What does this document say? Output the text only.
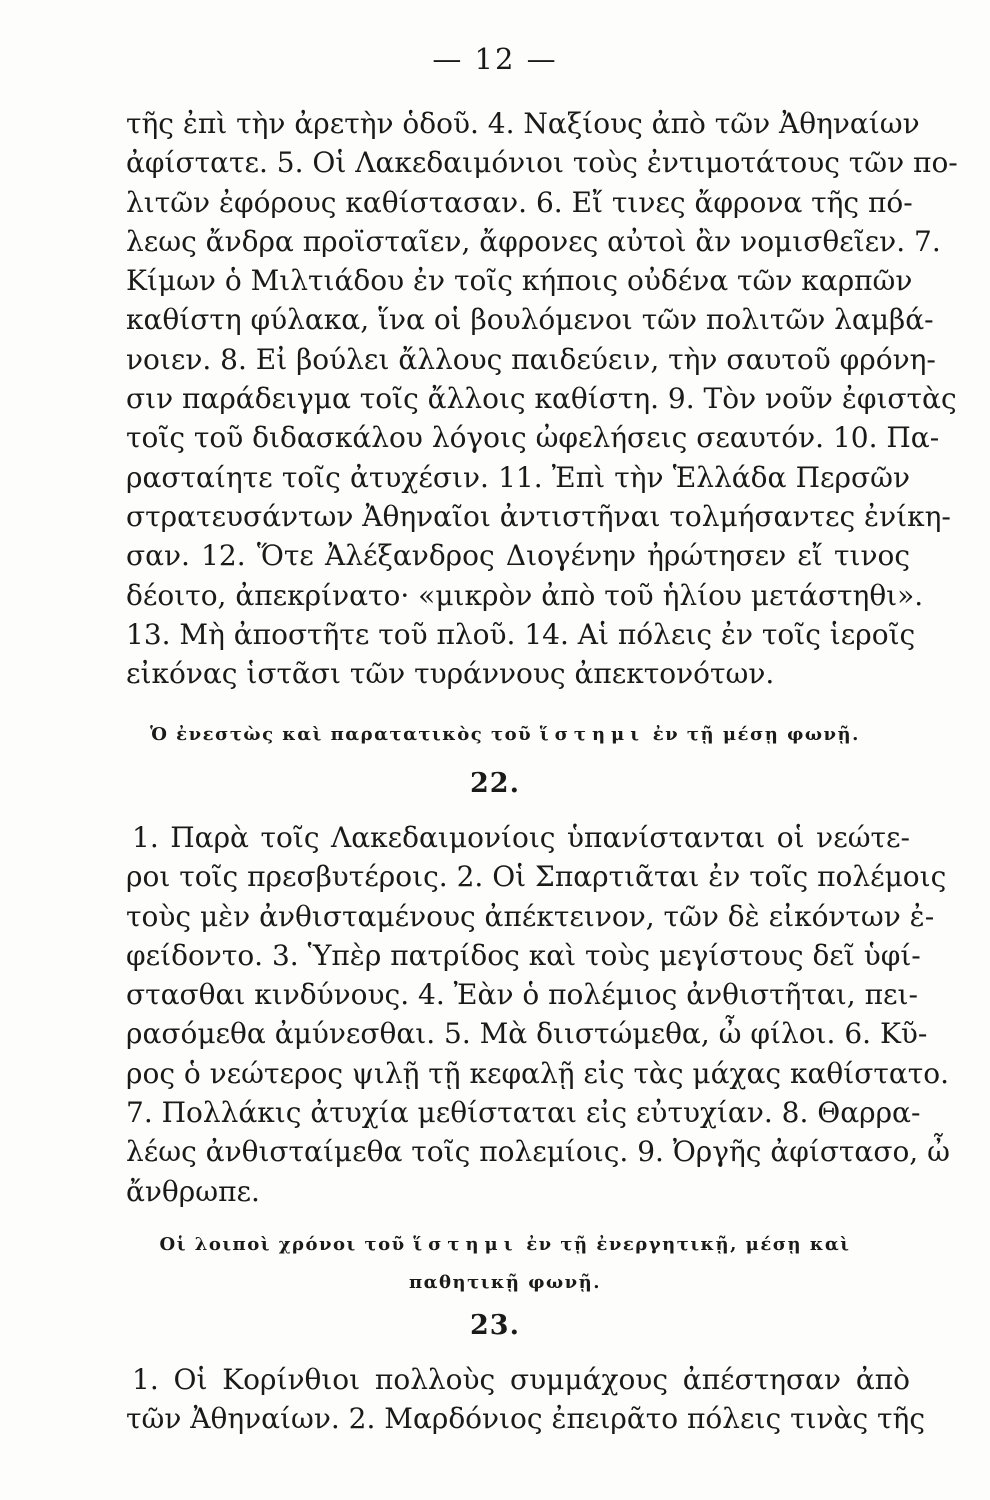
— 12 —
τῆς ἐπὶ τὴν ἀρετὴν ὁδοῦ. 4. Ναξίους ἀπὸ τῶν Ἀθηναίων
ἀφίστατε. 5. Οἱ Λακεδαιμόνιοι τοὺς ἐντιμοτάτους τῶν πο-
λιτῶν ἐφόρους καθίστασαν. 6. Εἴ τινες ἄφρονα τῆς πό-
λεως ἄνδρα προϊσταῖεν, ἄφρονες αὐτοὶ ἂν νομισθεῖεν. 7.
Κίμων ὁ Μιλτιάδου ἐν τοῖς κήποις οὐδένα τῶν καρπῶν
καθίστη φύλακα, ἵνα οἱ βουλόμενοι τῶν πολιτῶν λαμβά-
νοιεν. 8. Εἰ βούλει ἄλλους παιδεύειν, τὴν σαυτοῦ φρόνη-
σιν παράδειγμα τοῖς ἄλλοις καθίστη. 9. Τὸν νοῦν ἐφιστὰς
τοῖς τοῦ διδασκάλου λόγοις ὠφελήσεις σεαυτόν. 10. Πα-
ρασταίητε τοῖς ἀτυχέσιν. 11. Ἐπὶ τὴν Ἑλλάδα Περσῶν
στρατευσάντων Ἀθηναῖοι ἀντιστῆναι τολμήσαντες ἐνίκη-
σαν. 12. Ὅτε Ἀλέξανδρος Διογένην ἠρώτησεν εἴ τινος
δέοιτο, ἀπεκρίνατο· «μικρὸν ἀπὸ τοῦ ἡλίου μετάστηθι».
13. Μὴ ἀποστῆτε τοῦ πλοῦ. 14. Αἱ πόλεις ἐν τοῖς ἱεροῖς
εἰκόνας ἱστᾶσι τῶν τυράννους ἀπεκτονότων.
Ὁ ἐνεστὼς καὶ παρατατικὸς τοῦ ἵστημι ἐν τῇ μέσῃ φωνῇ.
22.
1. Παρὰ τοῖς Λακεδαιμονίοις ὑπανίστανται οἱ νεώτε-
ροι τοῖς πρεσβυτέροις. 2. Οἱ Σπαρτιᾶται ἐν τοῖς πολέμοις
τοὺς μὲν ἀνθισταμένους ἀπέκτεινον, τῶν δὲ εἰκόντων ἐ-
φείδοντο. 3. Ὑπὲρ πατρίδος καὶ τοὺς μεγίστους δεῖ ὑφί-
στασθαι κινδύνους. 4. Ἐὰν ὁ πολέμιος ἀνθιστῆται, πει-
ρασόμεθα ἀμύνεσθαι. 5. Μὰ διιστώμεθα, ὦ φίλοι. 6. Κῦ-
ρος ὁ νεώτερος ψιλῇ τῇ κεφαλῇ εἰς τὰς μάχας καθίστατο.
7. Πολλάκις ἀτυχία μεθίσταται εἰς εὐτυχίαν. 8. Θαρρα-
λέως ἀνθισταίμεθα τοῖς πολεμίοις. 9. Ὀργῆς ἀφίστασο, ὦ
ἄνθρωπε.
Οἱ λοιποὶ χρόνοι τοῦ ἵστημι ἐν τῇ ἐνεργητικῇ, μέσῃ καὶ
παθητικῇ φωνῇ.
23.
1. Οἱ Κορίνθιοι πολλοὺς συμμάχους ἀπέστησαν ἀπὸ
τῶν Ἀθηναίων. 2. Μαρδόνιος ἐπειρᾶτο πόλεις τινὰς τῆς
